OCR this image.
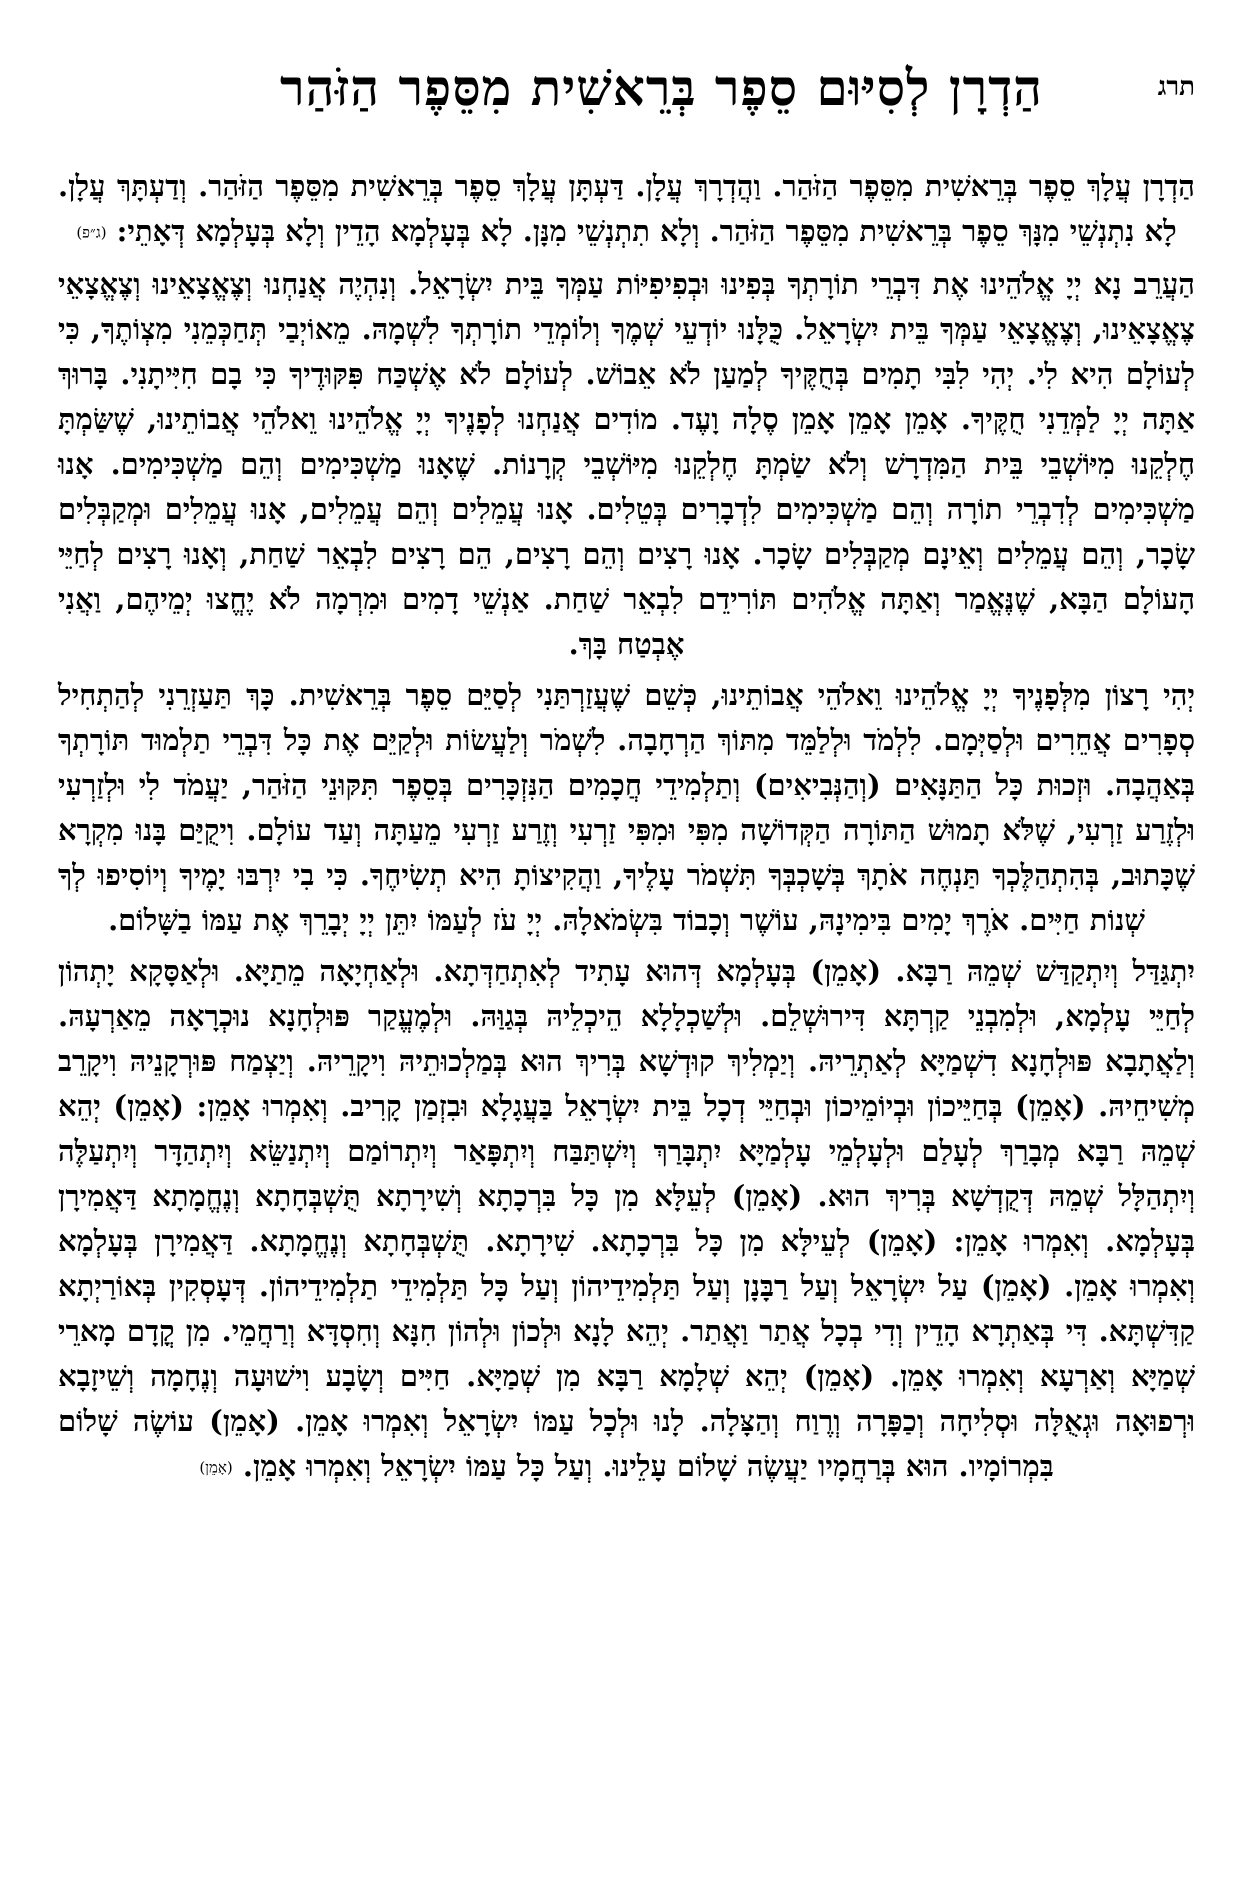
תרג
הַדְרָן לְסִיּוּם סֵפֶר בְּרֵאשִׁית מִסֵּפֶר הַזֹּהַר

הַדְרָן עֲלָךְ סֵפֶר בְּרֵאשִׁית מִסֵּפֶר הַזֹּהַר. וַהֲדְרָךְ עֲלָן. דַּעְתָּן עֲלָךְ סֵפֶר בְּרֵאשִׁית מִסֵּפֶר הַזֹּהַר. וְדַעְתָּךְ עֲלָן. לָא נִתְנְשֵׁי מִנָּךְ סֵפֶר בְּרֵאשִׁית מִסֵּפֶר הַזֹּהַר. וְלָא תִתְנְשֵׁי מִנָּן. לָא בְּעָלְמָא הָדֵין וְלָא בְּעָלְמָא דְּאָתֵי: (ג״פ)

הַעֲרֵב נָא יְיָ אֱלֹהֵינוּ אֶת דִּבְרֵי תוֹרָתְךָ בְּפִינוּ וּבְפִיפִיּוֹת עַמְּךָ בֵּית יִשְׂרָאֵל. וְנִהְיֶה אֲנַחְנוּ וְצֶאֱצָאֵינוּ וְצֶאֱצָאֵי צֶאֱצָאֵינוּ, וְצֶאֱצָאֵי עַמְּךָ בֵּית יִשְׂרָאֵל. כֻּלָּנוּ יוֹדְעֵי שְׁמֶךָ וְלוֹמְדֵי תוֹרָתְךָ לִשְׁמָהּ. מֵאוֹיְבַי תְּחַכְּמֵנִי מִצְוֹתֶךָ, כִּי לְעוֹלָם הִיא לִי. יְהִי לִבִּי תָמִים בְּחֻקֶּיךָ לְמַעַן לֹא אֵבוֹשׁ. לְעוֹלָם לֹא אֶשְׁכַּח פִּקּוּדֶיךָ כִּי בָם חִיִּיתָנִי. בָּרוּךְ אַתָּה יְיָ לַמְּדֵנִי חֻקֶּיךָ. אָמֵן אָמֵן אָמֵן סֶלָה וָעֶד. מוֹדִים אֲנַחְנוּ לְפָנֶיךָ יְיָ אֱלֹהֵינוּ וֵאלֹהֵי אֲבוֹתֵינוּ, שֶׁשַּׂמְתָּ חֶלְקֵנוּ מִיּוֹשְׁבֵי בֵּית הַמִּדְרָשׁ וְלֹא שַׂמְתָּ חֶלְקֵנוּ מִיּוֹשְׁבֵי קְרָנוֹת. שֶׁאָנוּ מַשְׁכִּימִים וְהֵם מַשְׁכִּימִים. אָנוּ מַשְׁכִּימִים לְדִבְרֵי תוֹרָה וְהֵם מַשְׁכִּימִים לִדְבָרִים בְּטֵלִים. אָנוּ עֲמֵלִים וְהֵם עֲמֵלִים, אָנוּ עֲמֵלִים וּמְקַבְּלִים שָׂכָר, וְהֵם עֲמֵלִים וְאֵינָם מְקַבְּלִים שָׂכָר. אָנוּ רָצִים וְהֵם רָצִים, הֵם רָצִים לִבְאֵר שַׁחַת, וְאָנוּ רָצִים לְחַיֵּי הָעוֹלָם הַבָּא, שֶׁנֶּאֱמַר וְאַתָּה אֱלֹהִים תּוֹרִידֵם לִבְאֵר שַׁחַת. אַנְשֵׁי דָמִים וּמִרְמָה לֹא יֶחֱצוּ יְמֵיהֶם, וַאֲנִי אֶבְטַח בָּךְ.

יְהִי רָצוֹן מִלְּפָנֶיךָ יְיָ אֱלֹהֵינוּ וֵאלֹהֵי אֲבוֹתֵינוּ, כְּשֵׁם שֶׁעֲזַרְתַּנִי לְסַיֵּם סֵפֶר בְּרֵאשִׁית. כָּךְ תַּעַזְרֵנִי לְהַתְחִיל סְפָרִים אֲחֵרִים וּלְסַיְּמָם. לִלְמֹד וּלְלַמֵּד מִתּוֹךְ הַרְחָבָה. לִשְׁמֹר וְלַעֲשׂוֹת וּלְקַיֵּם אֶת כָּל דִּבְרֵי תַלְמוּד תּוֹרָתְךָ בְּאַהֲבָה. וּזְכוּת כָּל הַתַּנָּאִים (וְהַנְּבִיאִים) וְתַלְמִידֵי חֲכָמִים הַנִּזְכָּרִים בְּסֵפֶר תִּקּוּנֵי הַזֹּהַר, יַעֲמֹד לִי וּלְזַרְעִי וּלְזֶרַע זַרְעִי, שֶׁלֹּא תָמוּשׁ הַתּוֹרָה הַקְּדוֹשָׁה מִפִּי וּמִפִּי זַרְעִי וְזֶרַע זַרְעִי מֵעַתָּה וְעַד עוֹלָם. וִיקֻיַּם בָּנוּ מִקְרָא שֶׁכָּתוּב, בְּהִתְהַלֶּכְךָ תַּנְחֶה אֹתָךְ בְּשָׁכְבְּךָ תִּשְׁמֹר עָלֶיךָ, וַהֲקִיצוֹתָ הִיא תְשִׂיחֶךָ. כִּי בִי יִרְבּוּ יָמֶיךָ וְיוֹסִיפוּ לְךָ שְׁנוֹת חַיִּים. אֹרֶךְ יָמִים בִּימִינָהּ, עוֹשֶׁר וְכָבוֹד בִּשְׂמֹאלָהּ. יְיָ עֹז לְעַמּוֹ יִתֵּן יְיָ יְבָרֵךְ אֶת עַמּוֹ בַשָּׁלוֹם.

יִתְגַּדַּל וְיִתְקַדַּשׁ שְׁמֵהּ רַבָּא. (אָמֵן) בְּעָלְמָא דְּהוּא עָתִיד לְאִתְחַדְּתָא. וּלְאַחְיָאָה מֵתַיָּא. וּלְאַסָּקָא יָתְהוֹן לְחַיֵּי עָלְמָא, וּלְמִבְנֵי קַרְתָּא דִּירוּשְׁלֵם. וּלְשַׁכְלָלָא הֵיכְלֵיהּ בְּגַוַּהּ. וּלְמֶעֱקַר פּוּלְחָנָא נוּכְרָאָה מֵאַרְעָהּ. וְלַאֲתָבָא פּוּלְחָנָא דִשְׁמַיָּא לְאַתְרֵיהּ. וְיַמְלִיךְ קוּדְשָׁא בְּרִיךְ הוּא בְּמַלְכוּתֵיהּ וִיקָרֵיהּ. וְיַצְמַח פּוּרְקָנֵיהּ וִיקָרֵב מְשִׁיחֵיהּ. (אָמֵן) בְּחַיֵּיכוֹן וּבְיוֹמֵיכוֹן וּבְחַיֵּי דְכָל בֵּית יִשְׂרָאֵל בַּעֲגָלָא וּבִזְמַן קָרִיב. וְאִמְרוּ אָמֵן: (אָמֵן) יְהֵא שְׁמֵהּ רַבָּא מְבָרַךְ לְעָלַם וּלְעָלְמֵי עָלְמַיָּא יִתְבָּרַךְ וְיִשְׁתַּבַּח וְיִתְפָּאַר וְיִתְרוֹמַם וְיִתְנַשֵּׂא וְיִתְהַדָּר וְיִתְעַלֶּה וְיִתְהַלָּל שְׁמֵהּ דְּקֻדְשָׁא בְּרִיךְ הוּא. (אָמֵן) לְעֵלָּא מִן כָּל בִּרְכָתָא וְשִׁירָתָא תֻּשְׁבְּחָתָא וְנֶחֱמָתָא דַּאֲמִירָן בְּעָלְמָא. וְאִמְרוּ אָמֵן: (אָמֵן) לְעֵילָּא מִן כָּל בִּרְכָתָא. שִׁירָתָא. תֻּשְׁבְּחָתָא וְנֶחֱמָתָא. דַּאֲמִירָן בְּעָלְמָא וְאִמְרוּ אָמֵן. (אָמֵן) עַל יִשְׂרָאֵל וְעַל רַבָּנָן וְעַל תַּלְמִידֵיהוֹן וְעַל כָּל תַּלְמִידֵי תַלְמִידֵיהוֹן. דְּעָסְקִין בְּאוֹרַיְתָא קַדִּשְׁתָּא. דִּי בְּאַתְרָא הָדֵין וְדִי בְכָל אֲתַר וַאֲתַר. יְהֵא לָנָא וּלְכוֹן וּלְהוֹן חִנָּא וְחִסְדָּא וְרַחֲמֵי. מִן קֳדָם מָארֵי שְׁמַיָּא וְאַרְעָא וְאִמְרוּ אָמֵן. (אָמֵן) יְהֵא שְׁלָמָא רַבָּא מִן שְׁמַיָּא. חַיִּים וְשָׂבָע וִישׁוּעָה וְנֶחָמָה וְשֵׁיזָבָא וּרְפוּאָה וּגְאֻלָּה וּסְלִיחָה וְכַפָּרָה וְרֶוַח וְהַצָּלָה. לָנוּ וּלְכָל עַמּוֹ יִשְׂרָאֵל וְאִמְרוּ אָמֵן. (אָמֵן) עוֹשֶׂה שָׁלוֹם בִּמְרוֹמָיו. הוּא בְּרַחֲמָיו יַעֲשֶׂה שָׁלוֹם עָלֵינוּ. וְעַל כָּל עַמּוֹ יִשְׂרָאֵל וְאִמְרוּ אָמֵן. (אָמֵן)
